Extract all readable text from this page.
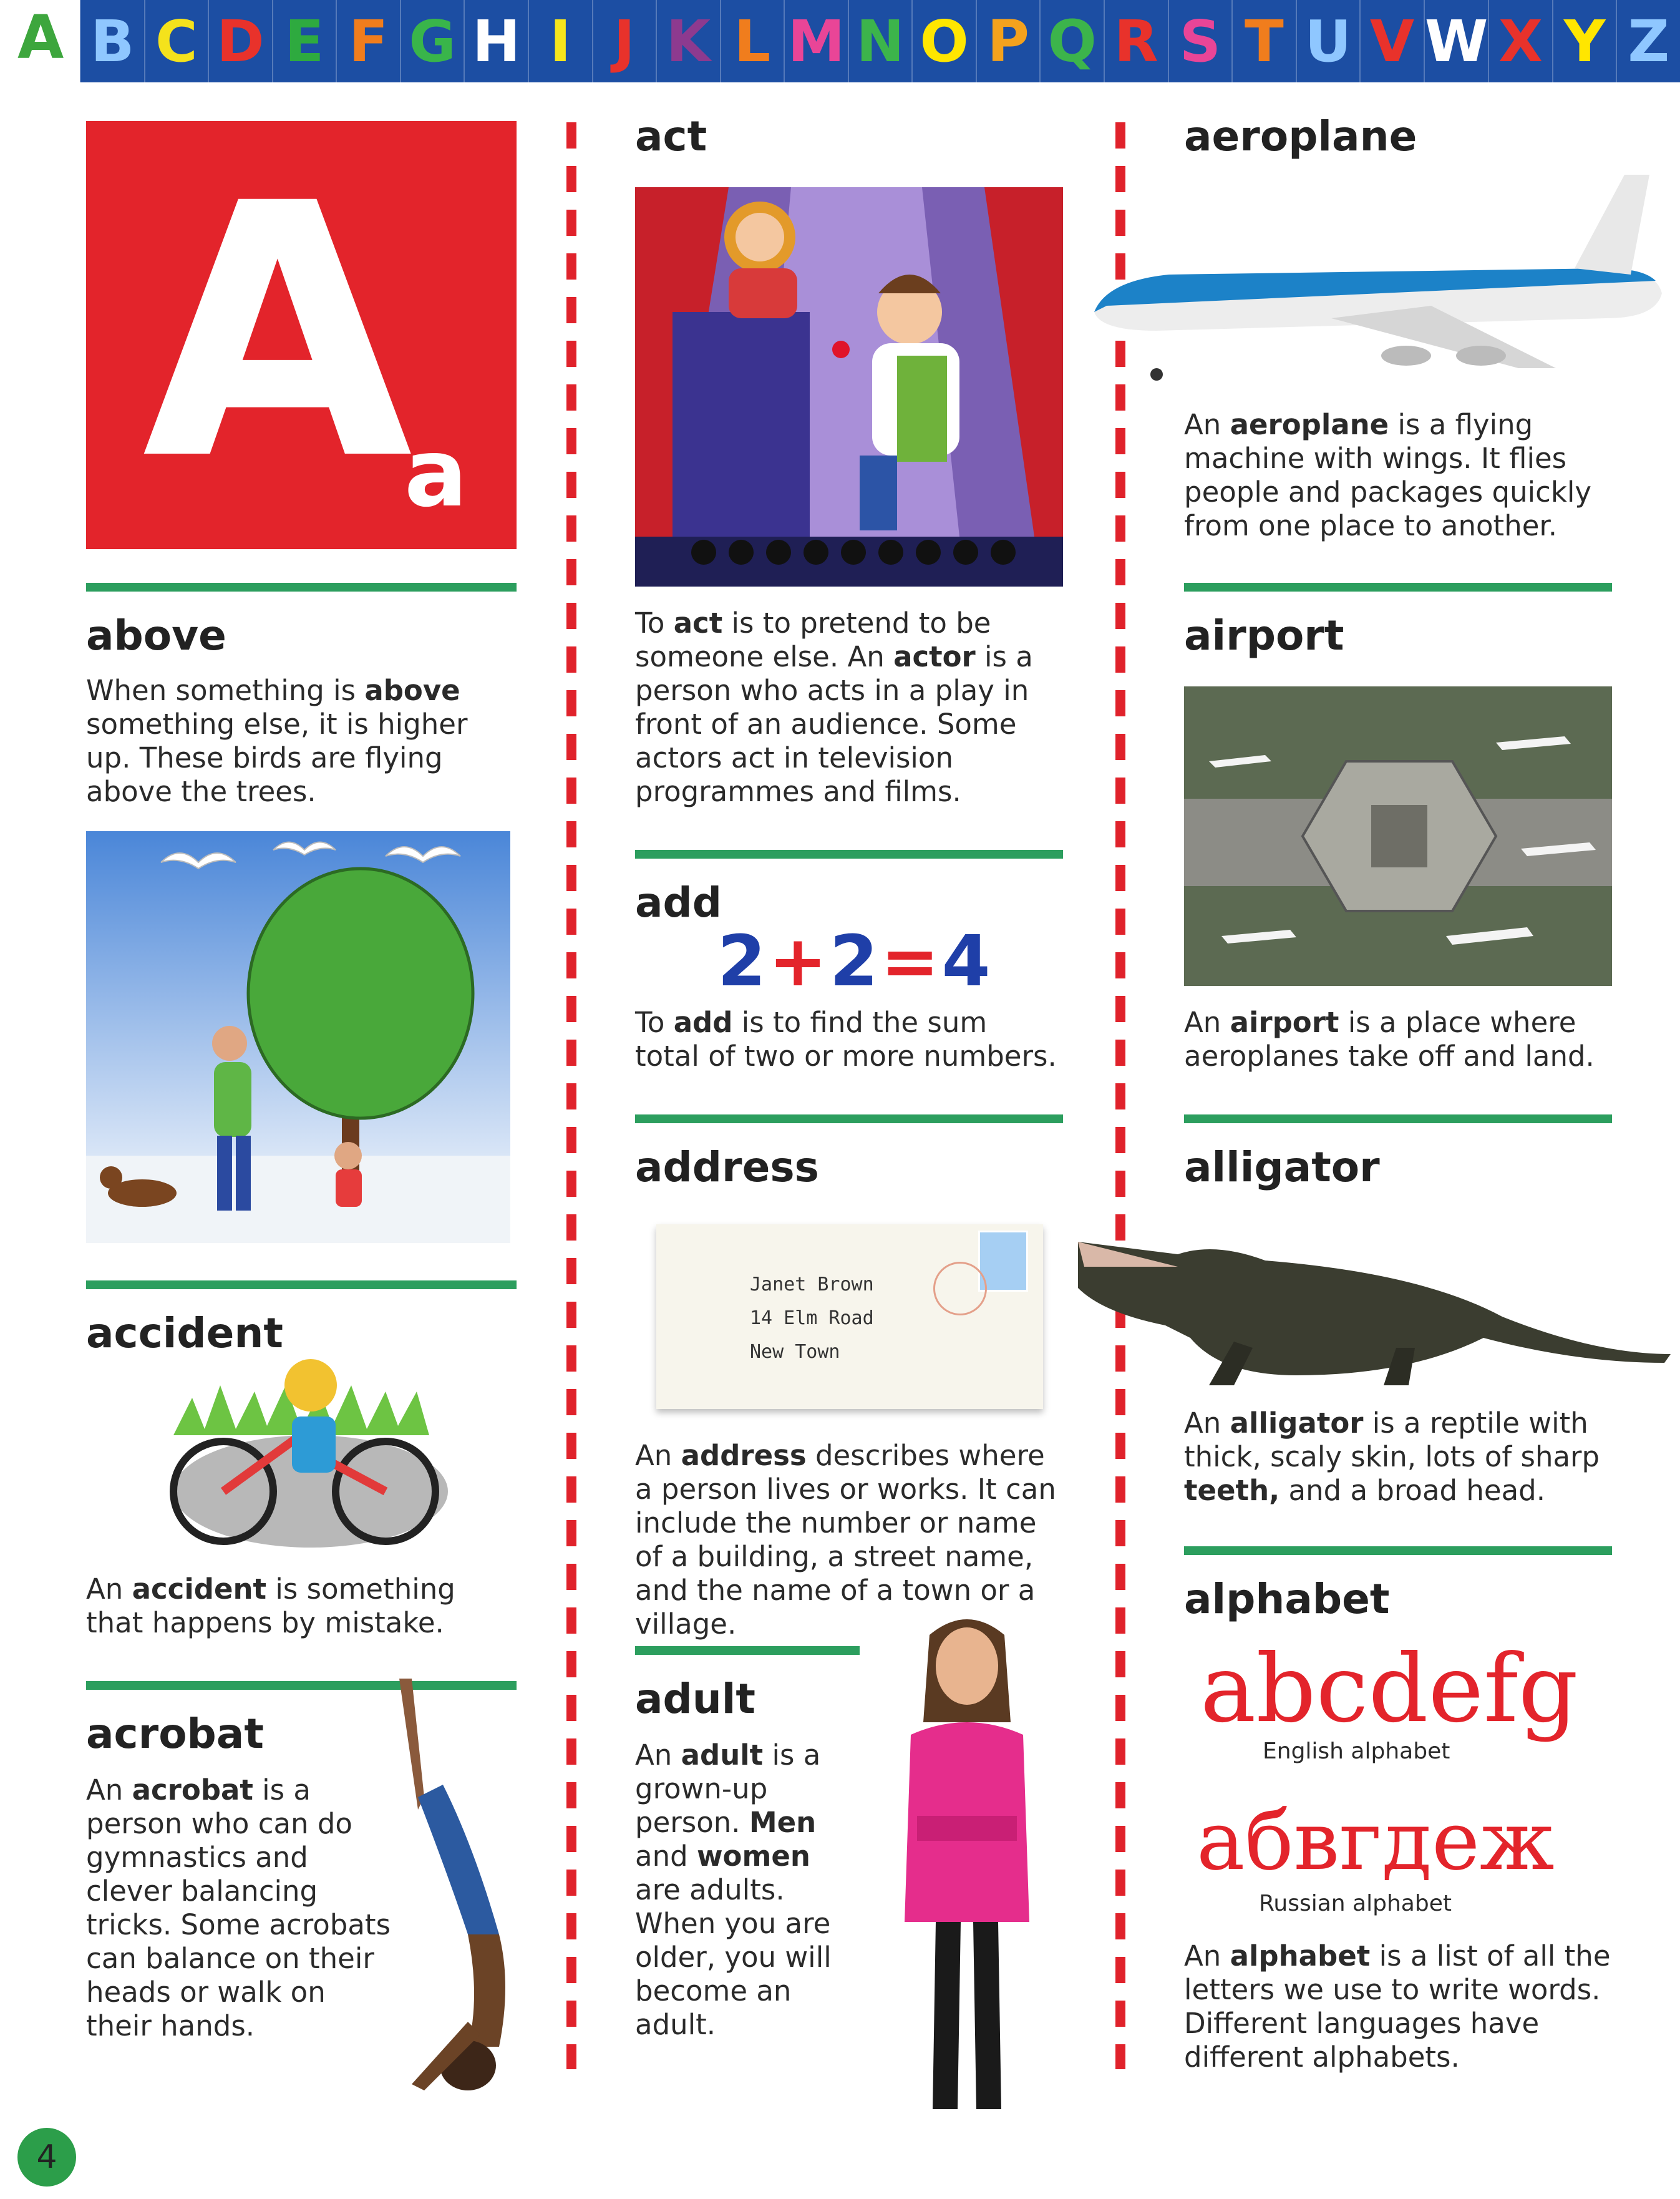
A B C D E F G H I J K L M N O P Q R S T U V W X Y Z
A
a
above
When something is above something else, it is higher up. These birds are flying above the trees.
accident
An accident is something that happens by mistake.
acrobat
An acrobat is a person who can do gymnastics and clever balancing tricks. Some acrobats can balance on their heads or walk on their hands.
4
act
To act is to pretend to be someone else. An actor is a person who acts in a play in front of an audience. Some actors act in television programmes and films.
add
2+2=4
To add is to find the sum total of two or more numbers.
address
Janet Brown
14 Elm Road
New Town
An address describes where a person lives or works. It can include the number or name of a building, a street name, and the name of a town or a village.
adult
An adult is a grown-up person. Men and women are adults. When you are older, you will become an adult.
aeroplane
An aeroplane is a flying machine with wings. It flies people and packages quickly from one place to another.
airport
An airport is a place where aeroplanes take off and land.
alligator
An alligator is a reptile with thick, scaly skin, lots of sharp teeth, and a broad head.
alphabet
abcdefg
English alphabet
абвгдеж
Russian alphabet
An alphabet is a list of all the letters we use to write words. Different languages have different alphabets.
